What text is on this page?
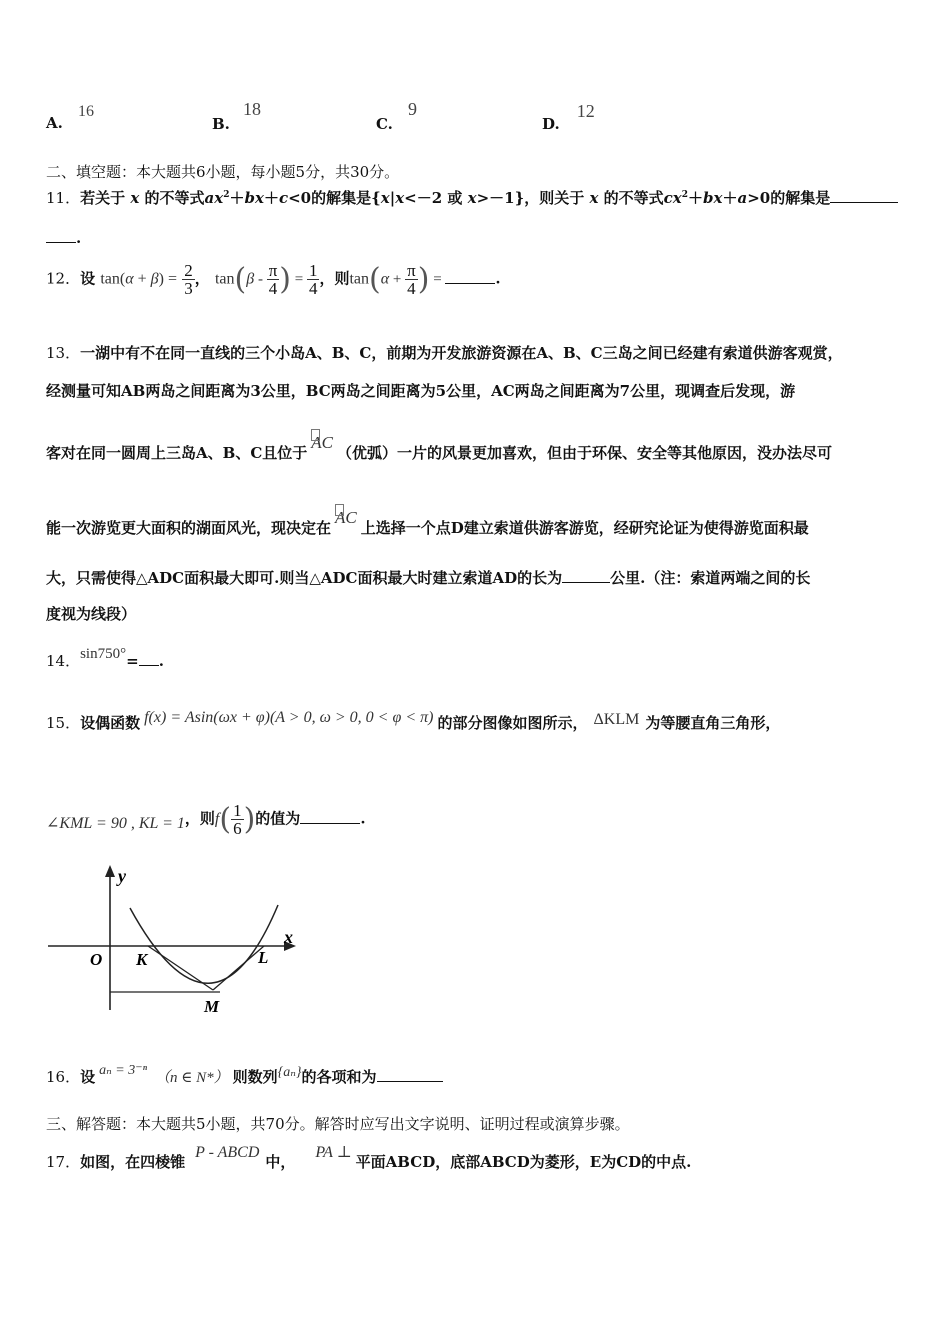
A. 16
B. 18
C. 9
D. 12
二、填空题：本大题共6小题，每小题5分，共30分。
11．若关于 x 的不等式$ax^2+bx+c<0$的解集是{x|x<－2 或 x>－1}，则关于 x 的不等式$cx^2+bx+a>0$的解集是
.
12．设 $\tan(\alpha + \beta) = \frac{2}{3}$ ， $\tan(\beta - \frac{\pi}{4}$ ) = $\frac{1}{4}$ ，则$\tan(\alpha + \frac{\pi}{4}$ ) =	.
13．一湖中有不在同一直线的三个小岛A、B、C，前期为开发旅游资源在A、B、C三岛之间已经建有索道供游客观赏，
经测量可知AB两岛之间距离为3公里，BC两岛之间距离为5公里，AC两岛之间距离为7公里，现调查后发现，游
客对在同一圆周上三岛A、B、C且位于
AC（优弧）一片的风景更加喜欢，但由于环保、安全等其他原因，没办法尽可
能一次游览更大面积的湖面风光，现决定在
AC上选择一个点D建立索道供游客游览，经研究论证为使得游览面积最
大，只需使得△ADC面积最大即可.则当△ADC面积最大时建立索道AD的长为	公里.（注：索道两端之间的长
度视为线段）
14．sin750°= .
15．设偶函数 f(x) = Asin(ωx + φ)(A > 0, ω > 0, 0 < φ < π) 的部分图像如图所示， ΔKLM 为等腰直角三角形，
∠KML = 90 , KL = 1，则$f( \frac{1}{6}$ )的值为	.
y
x
O K	L
M
16．设 aₙ = 3⁻ⁿ （n ∈ N*） 则数列{aₙ}的各项和为
三、解答题：本大题共5小题，共70分。解答时应写出文字说明、证明过程或演算步骤。
17．如图，在四棱锥P - ABCD中，PA ⊥平面ABCD，底部ABCD为菱形，E为CD的中点.
